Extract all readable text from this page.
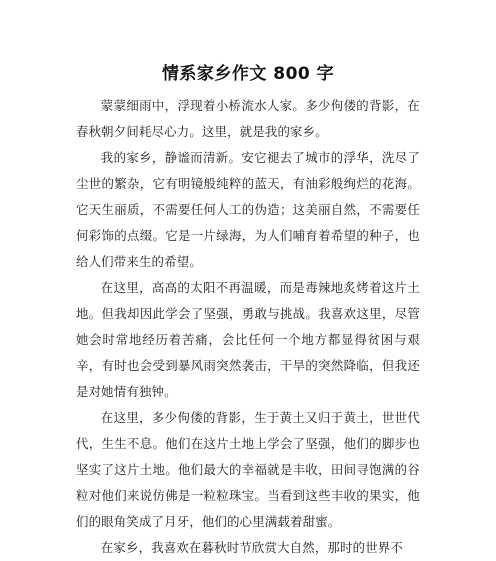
情系家乡作文 800 字

蒙蒙细雨中，浮现着小桥流水人家。多少佝偻的背影，在春秋朝夕间耗尽心力。这里，就是我的家乡。

我的家乡，静谧而清新。安它褪去了城市的浮华，洗尽了尘世的繁杂，它有明镜般纯粹的蓝天，有油彩般绚烂的花海。它天生丽质，不需要任何人工的伪造；这美丽自然，不需要任何彩饰的点缀。它是一片绿海，为人们哺育着希望的种子，也给人们带来生的希望。

在这里，高高的太阳不再温暖，而是毒辣地炙烤着这片土地。但我却因此学会了坚强，勇敢与挑战。我喜欢这里，尽管她会时常地经历着苦痛，会比任何一个地方都显得贫困与艰辛，有时也会受到暴风雨突然袭击，干旱的突然降临，但我还是对她情有独钟。

在这里，多少佝偻的背影，生于黄土又归于黄土，世世代代，生生不息。他们在这片土地上学会了坚强，他们的脚步也坚实了这片土地。他们最大的幸福就是丰收，田间寻饱满的谷粒对他们来说仿佛是一粒粒珠宝。当看到这些丰收的果实，他们的眼角笑成了月牙，他们的心里满载着甜蜜。

在家乡，我喜欢在暮秋时节欣赏大自然，那时的世界不
